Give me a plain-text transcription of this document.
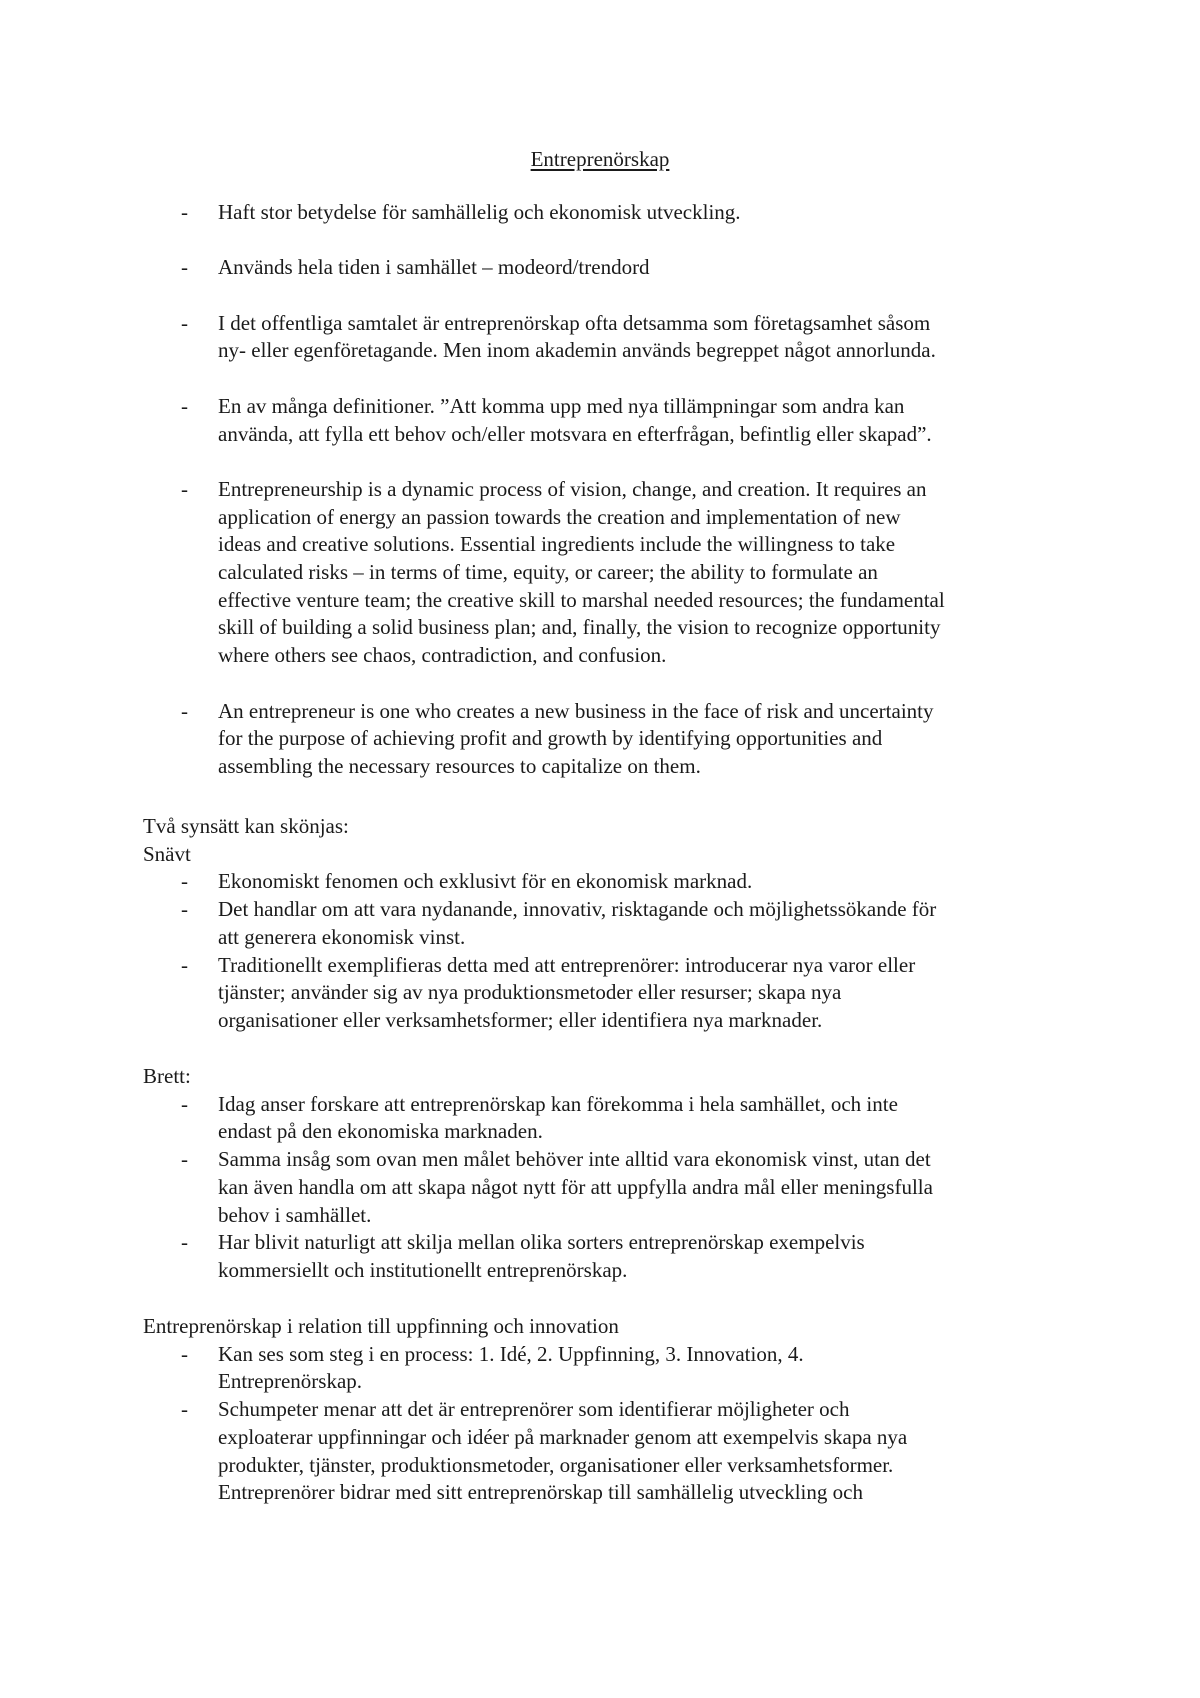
Entreprenörskap
- Haft stor betydelse för samhällelig och ekonomisk utveckling.
- Används hela tiden i samhället – modeord/trendord
- I det offentliga samtalet är entreprenörskap ofta detsamma som företagsamhet såsom
ny- eller egenföretagande. Men inom akademin används begreppet något annorlunda.
- En av många definitioner. ”Att komma upp med nya tillämpningar som andra kan
använda, att fylla ett behov och/eller motsvara en efterfrågan, befintlig eller skapad”.
- Entrepreneurship is a dynamic process of vision, change, and creation. It requires an
application of energy an passion towards the creation and implementation of new
ideas and creative solutions. Essential ingredients include the willingness to take
calculated risks – in terms of time, equity, or career; the ability to formulate an
effective venture team; the creative skill to marshal needed resources; the fundamental
skill of building a solid business plan; and, finally, the vision to recognize opportunity
where others see chaos, contradiction, and confusion.
- An entrepreneur is one who creates a new business in the face of risk and uncertainty
for the purpose of achieving profit and growth by identifying opportunities and
assembling the necessary resources to capitalize on them.

Två synsätt kan skönjas:

Snävt

- Ekonomiskt fenomen och exklusivt för en ekonomisk marknad.
- Det handlar om att vara nydanande, innovativ, risktagande och möjlighetssökande för
att generera ekonomisk vinst.
- Traditionellt exemplifieras detta med att entreprenörer: introducerar nya varor eller
tjänster; använder sig av nya produktionsmetoder eller resurser; skapa nya
organisationer eller verksamhetsformer; eller identifiera nya marknader.

Brett:

- Idag anser forskare att entreprenörskap kan förekomma i hela samhället, och inte
endast på den ekonomiska marknaden.
- Samma insåg som ovan men målet behöver inte alltid vara ekonomisk vinst, utan det
kan även handla om att skapa något nytt för att uppfylla andra mål eller meningsfulla
behov i samhället.
- Har blivit naturligt att skilja mellan olika sorters entreprenörskap exempelvis
kommersiellt och institutionellt entreprenörskap.

Entreprenörskap i relation till uppfinning och innovation

- Kan ses som steg i en process: 1. Idé, 2. Uppfinning, 3. Innovation, 4.
Entreprenörskap.
- Schumpeter menar att det är entreprenörer som identifierar möjligheter och
exploaterar uppfinningar och idéer på marknader genom att exempelvis skapa nya
produkter, tjänster, produktionsmetoder, organisationer eller verksamhetsformer.
Entreprenörer bidrar med sitt entreprenörskap till samhällelig utveckling och
